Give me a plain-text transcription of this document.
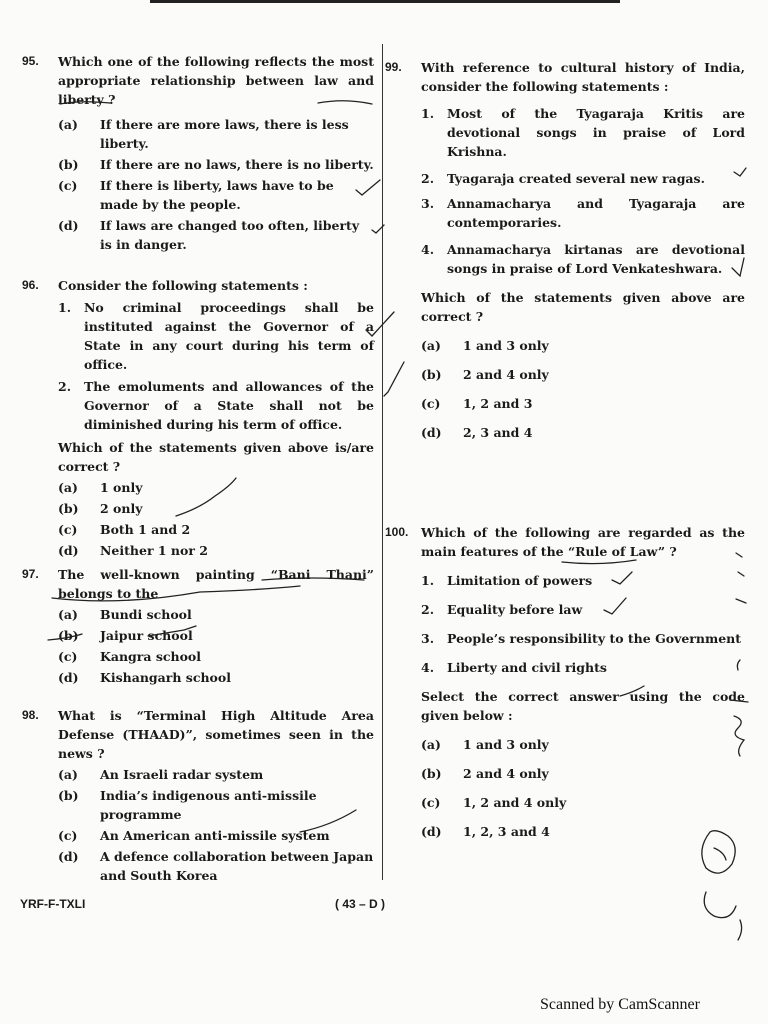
95.	Which one of the following reflects the most appropriate relationship between law and liberty ?
(a)	If there are more laws, there is less liberty.
(b)	If there are no laws, there is no liberty.
(c)	If there is liberty, laws have to be made by the people.
(d)	If laws are changed too often, liberty is in danger.
96.	Consider the following statements :
1.	No criminal proceedings shall be instituted against the Governor of a State in any court during his term of office.
2.	The emoluments and allowances of the Governor of a State shall not be diminished during his term of office.
Which of the statements given above is/are correct ?
(a)	1 only
(b)	2 only
(c)	Both 1 and 2
(d)	Neither 1 nor 2
97.	The well-known painting “Bani Thani” belongs to the
(a)	Bundi school
(b)	Jaipur school
(c)	Kangra school
(d)	Kishangarh school
98.	What is “Terminal High Altitude Area Defense (THAAD)”, sometimes seen in the news ?
(a)	An Israeli radar system
(b)	India’s indigenous anti-missile programme
(c)	An American anti-missile system
(d)	A defence collaboration between Japan and South Korea
99.	With reference to cultural history of India, consider the following statements :
1.	Most of the Tyagaraja Kritis are devotional songs in praise of Lord Krishna.
2.	Tyagaraja created several new ragas.
3.	Annamacharya and Tyagaraja are contemporaries.
4.	Annamacharya kirtanas are devotional songs in praise of Lord Venkateshwara.
Which of the statements given above are correct ?
(a)	1 and 3 only
(b)	2 and 4 only
(c)	1, 2 and 3
(d)	2, 3 and 4
100.	Which of the following are regarded as the main features of the “Rule of Law” ?
1.	Limitation of powers
2.	Equality before law
3.	People’s responsibility to the Government
4.	Liberty and civil rights
Select the correct answer using the code given below :
(a)	1 and 3 only
(b)	2 and 4 only
(c)	1, 2 and 4 only
(d)	1, 2, 3 and 4
YRF-F-TXLI	( 43 – D )
Scanned by CamScanner
